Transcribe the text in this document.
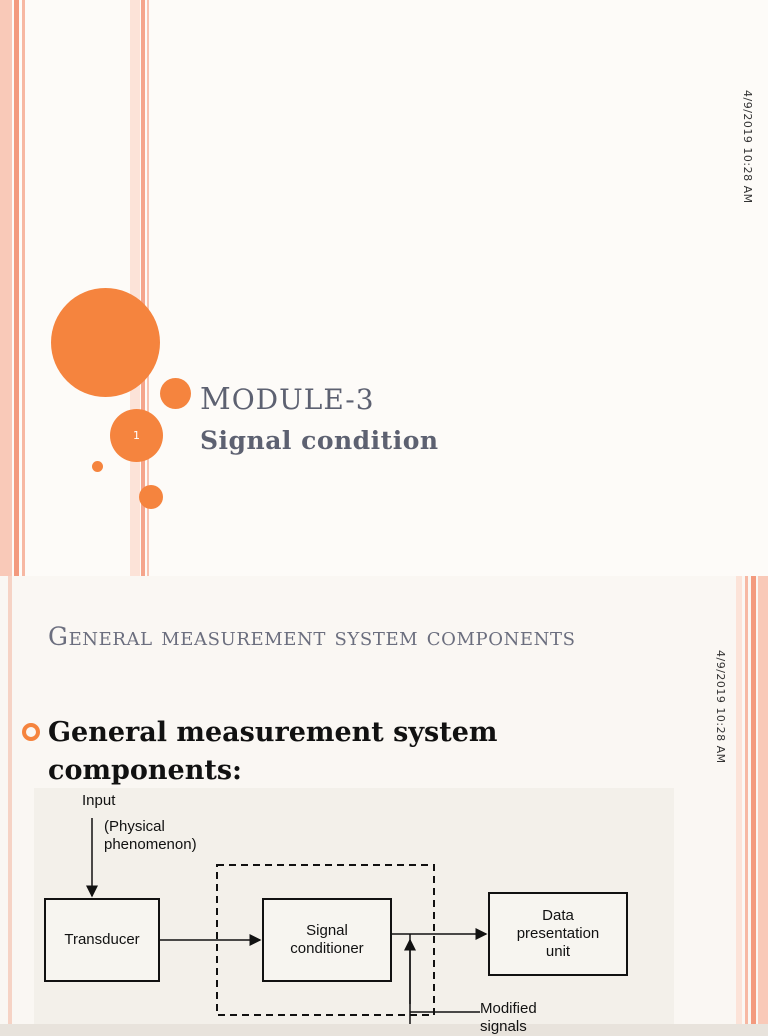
1
4/9/2019 10:28 AM
MODULE-3
Signal condition
4/9/2019 10:28 AM
General measurement system components
General measurement system components:
Input
(Physical phenomenon)
Transducer
Signal conditioner
Data presentation unit
Modified signals
